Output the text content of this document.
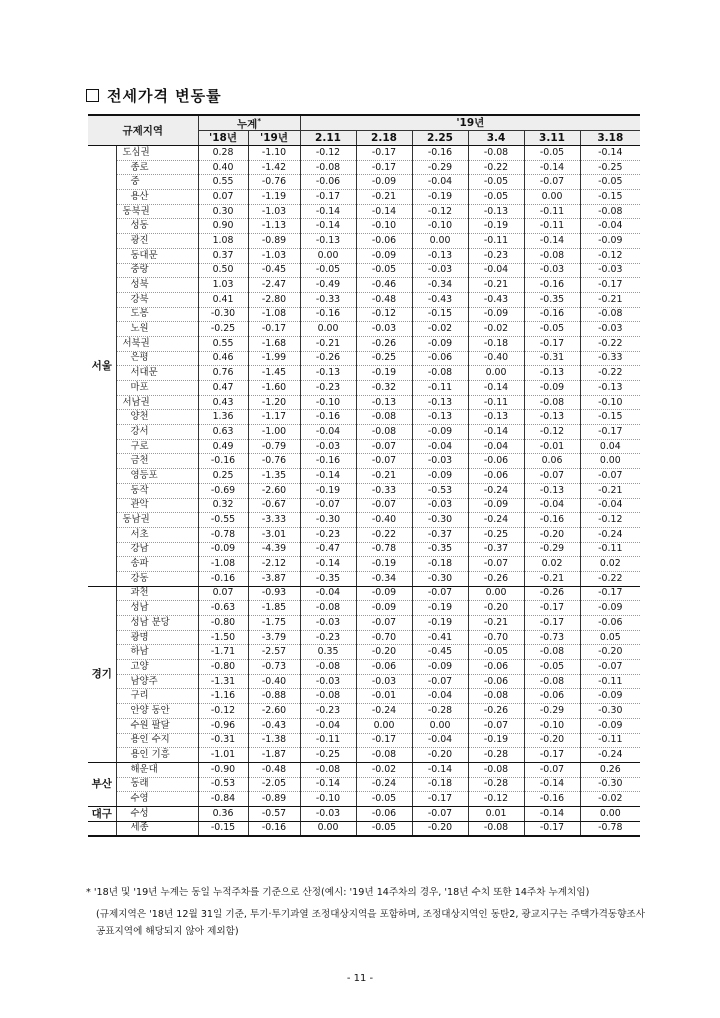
전세가격 변동률
규제지역		누계*		'19년					
		'18년	'19년	2.11	2.18	2.25	3.4	3.11	3.18
서울	도심권	0.28	-1.10	-0.12	-0.17	-0.16	-0.08	-0.05	-0.14
	종로	0.40	-1.42	-0.08	-0.17	-0.29	-0.22	-0.14	-0.25
	중	0.55	-0.76	-0.06	-0.09	-0.04	-0.05	-0.07	-0.05
	용산	0.07	-1.19	-0.17	-0.21	-0.19	-0.05	0.00	-0.15
	동북권	0.30	-1.03	-0.14	-0.14	-0.12	-0.13	-0.11	-0.08
	성동	0.90	-1.13	-0.14	-0.10	-0.10	-0.19	-0.11	-0.04
	광진	1.08	-0.89	-0.13	-0.06	0.00	-0.11	-0.14	-0.09
	동대문	0.37	-1.03	0.00	-0.09	-0.13	-0.23	-0.08	-0.12
	중랑	0.50	-0.45	-0.05	-0.05	-0.03	-0.04	-0.03	-0.03
	성북	1.03	-2.47	-0.49	-0.46	-0.34	-0.21	-0.16	-0.17
	강북	0.41	-2.80	-0.33	-0.48	-0.43	-0.43	-0.35	-0.21
	도봉	-0.30	-1.08	-0.16	-0.12	-0.15	-0.09	-0.16	-0.08
	노원	-0.25	-0.17	0.00	-0.03	-0.02	-0.02	-0.05	-0.03
	서북권	0.55	-1.68	-0.21	-0.26	-0.09	-0.18	-0.17	-0.22
	은평	0.46	-1.99	-0.26	-0.25	-0.06	-0.40	-0.31	-0.33
	서대문	0.76	-1.45	-0.13	-0.19	-0.08	0.00	-0.13	-0.22
	마포	0.47	-1.60	-0.23	-0.32	-0.11	-0.14	-0.09	-0.13
	서남권	0.43	-1.20	-0.10	-0.13	-0.13	-0.11	-0.08	-0.10
	양천	1.36	-1.17	-0.16	-0.08	-0.13	-0.13	-0.13	-0.15
	강서	0.63	-1.00	-0.04	-0.08	-0.09	-0.14	-0.12	-0.17
	구로	0.49	-0.79	-0.03	-0.07	-0.04	-0.04	-0.01	0.04
	금천	-0.16	-0.76	-0.16	-0.07	-0.03	-0.06	0.06	0.00
	영등포	0.25	-1.35	-0.14	-0.21	-0.09	-0.06	-0.07	-0.07
	동작	-0.69	-2.60	-0.19	-0.33	-0.53	-0.24	-0.13	-0.21
	관악	0.32	-0.67	-0.07	-0.07	-0.03	-0.09	-0.04	-0.04
	동남권	-0.55	-3.33	-0.30	-0.40	-0.30	-0.24	-0.16	-0.12
	서초	-0.78	-3.01	-0.23	-0.22	-0.37	-0.25	-0.20	-0.24
	강남	-0.09	-4.39	-0.47	-0.78	-0.35	-0.37	-0.29	-0.11
	송파	-1.08	-2.12	-0.14	-0.19	-0.18	-0.07	0.02	0.02
	강동	-0.16	-3.87	-0.35	-0.34	-0.30	-0.26	-0.21	-0.22
경기	과천	0.07	-0.93	-0.04	-0.09	-0.07	0.00	-0.26	-0.17
	성남	-0.63	-1.85	-0.08	-0.09	-0.19	-0.20	-0.17	-0.09
	성남 분당	-0.80	-1.75	-0.03	-0.07	-0.19	-0.21	-0.17	-0.06
	광명	-1.50	-3.79	-0.23	-0.70	-0.41	-0.70	-0.73	0.05
	하남	-1.71	-2.57	0.35	-0.20	-0.45	-0.05	-0.08	-0.20
	고양	-0.80	-0.73	-0.08	-0.06	-0.09	-0.06	-0.05	-0.07
	남양주	-1.31	-0.40	-0.03	-0.03	-0.07	-0.06	-0.08	-0.11
	구리	-1.16	-0.88	-0.08	-0.01	-0.04	-0.08	-0.06	-0.09
	안양 동안	-0.12	-2.60	-0.23	-0.24	-0.28	-0.26	-0.29	-0.30
	수원 팔달	-0.96	-0.43	-0.04	0.00	0.00	-0.07	-0.10	-0.09
	용인 수지	-0.31	-1.38	-0.11	-0.17	-0.04	-0.19	-0.20	-0.11
	용인 기흥	-1.01	-1.87	-0.25	-0.08	-0.20	-0.28	-0.17	-0.24
부산	해운대	-0.90	-0.48	-0.08	-0.02	-0.14	-0.08	-0.07	0.26
	동래	-0.53	-2.05	-0.14	-0.24	-0.18	-0.28	-0.14	-0.30
	수영	-0.84	-0.89	-0.10	-0.05	-0.17	-0.12	-0.16	-0.02
대구	수성	0.36	-0.57	-0.03	-0.06	-0.07	0.01	-0.14	0.00
	세종	-0.15	-0.16	0.00	-0.05	-0.20	-0.08	-0.17	-0.78
* '18년 및 '19년 누계는 동일 누적주차를 기준으로 산정(예시: '19년 14주차의 경우, '18년 수치 또한 14주차 누계치임)
(규제지역은 '18년 12월 31일 기준, 투기·투기과열 조정대상지역을 포함하며, 조정대상지역인 동탄2, 광교지구는 주택가격동향조사 공표지역에 해당되지 않아 제외함)
- 11 -
